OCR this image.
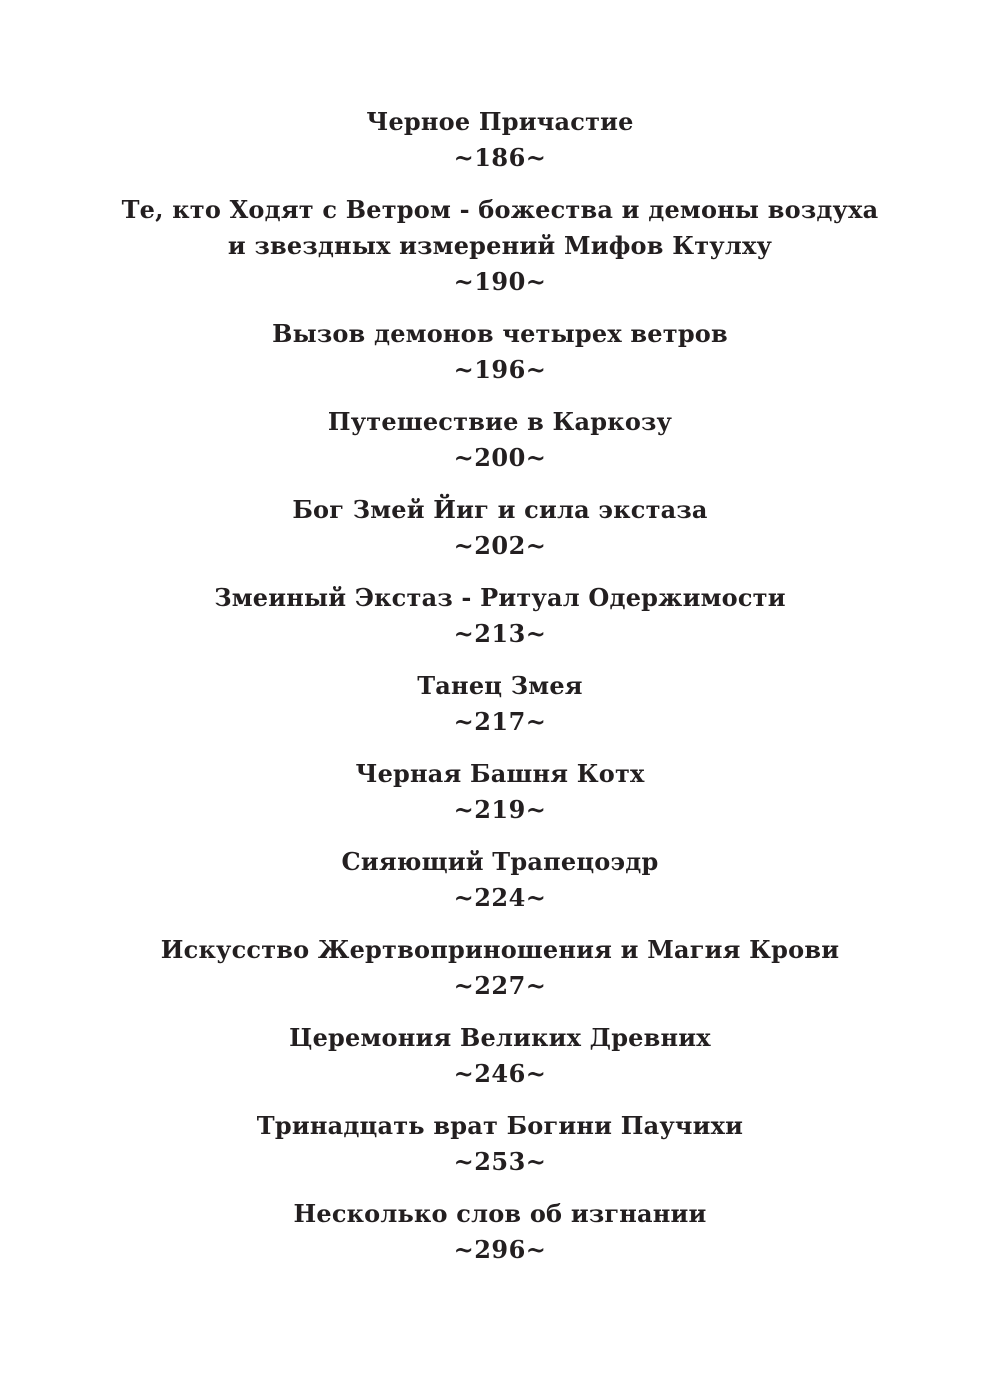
Черное Причастие
~186~
Те, кто Ходят с Ветром - божества и демоны воздуха
и звездных измерений Мифов Ктулху
~190~
Вызов демонов четырех ветров
~196~
Путешествие в Каркозу
~200~
Бог Змей Йиг и сила экстаза
~202~
Змеиный Экстаз - Ритуал Одержимости
~213~
Танец Змея
~217~
Черная Башня Котх
~219~
Сияющий Трапецоэдр
~224~
Искусство Жертвоприношения и Магия Крови
~227~
Церемония Великих Древних
~246~
Тринадцать врат Богини Паучихи
~253~
Несколько слов об изгнании
~296~
